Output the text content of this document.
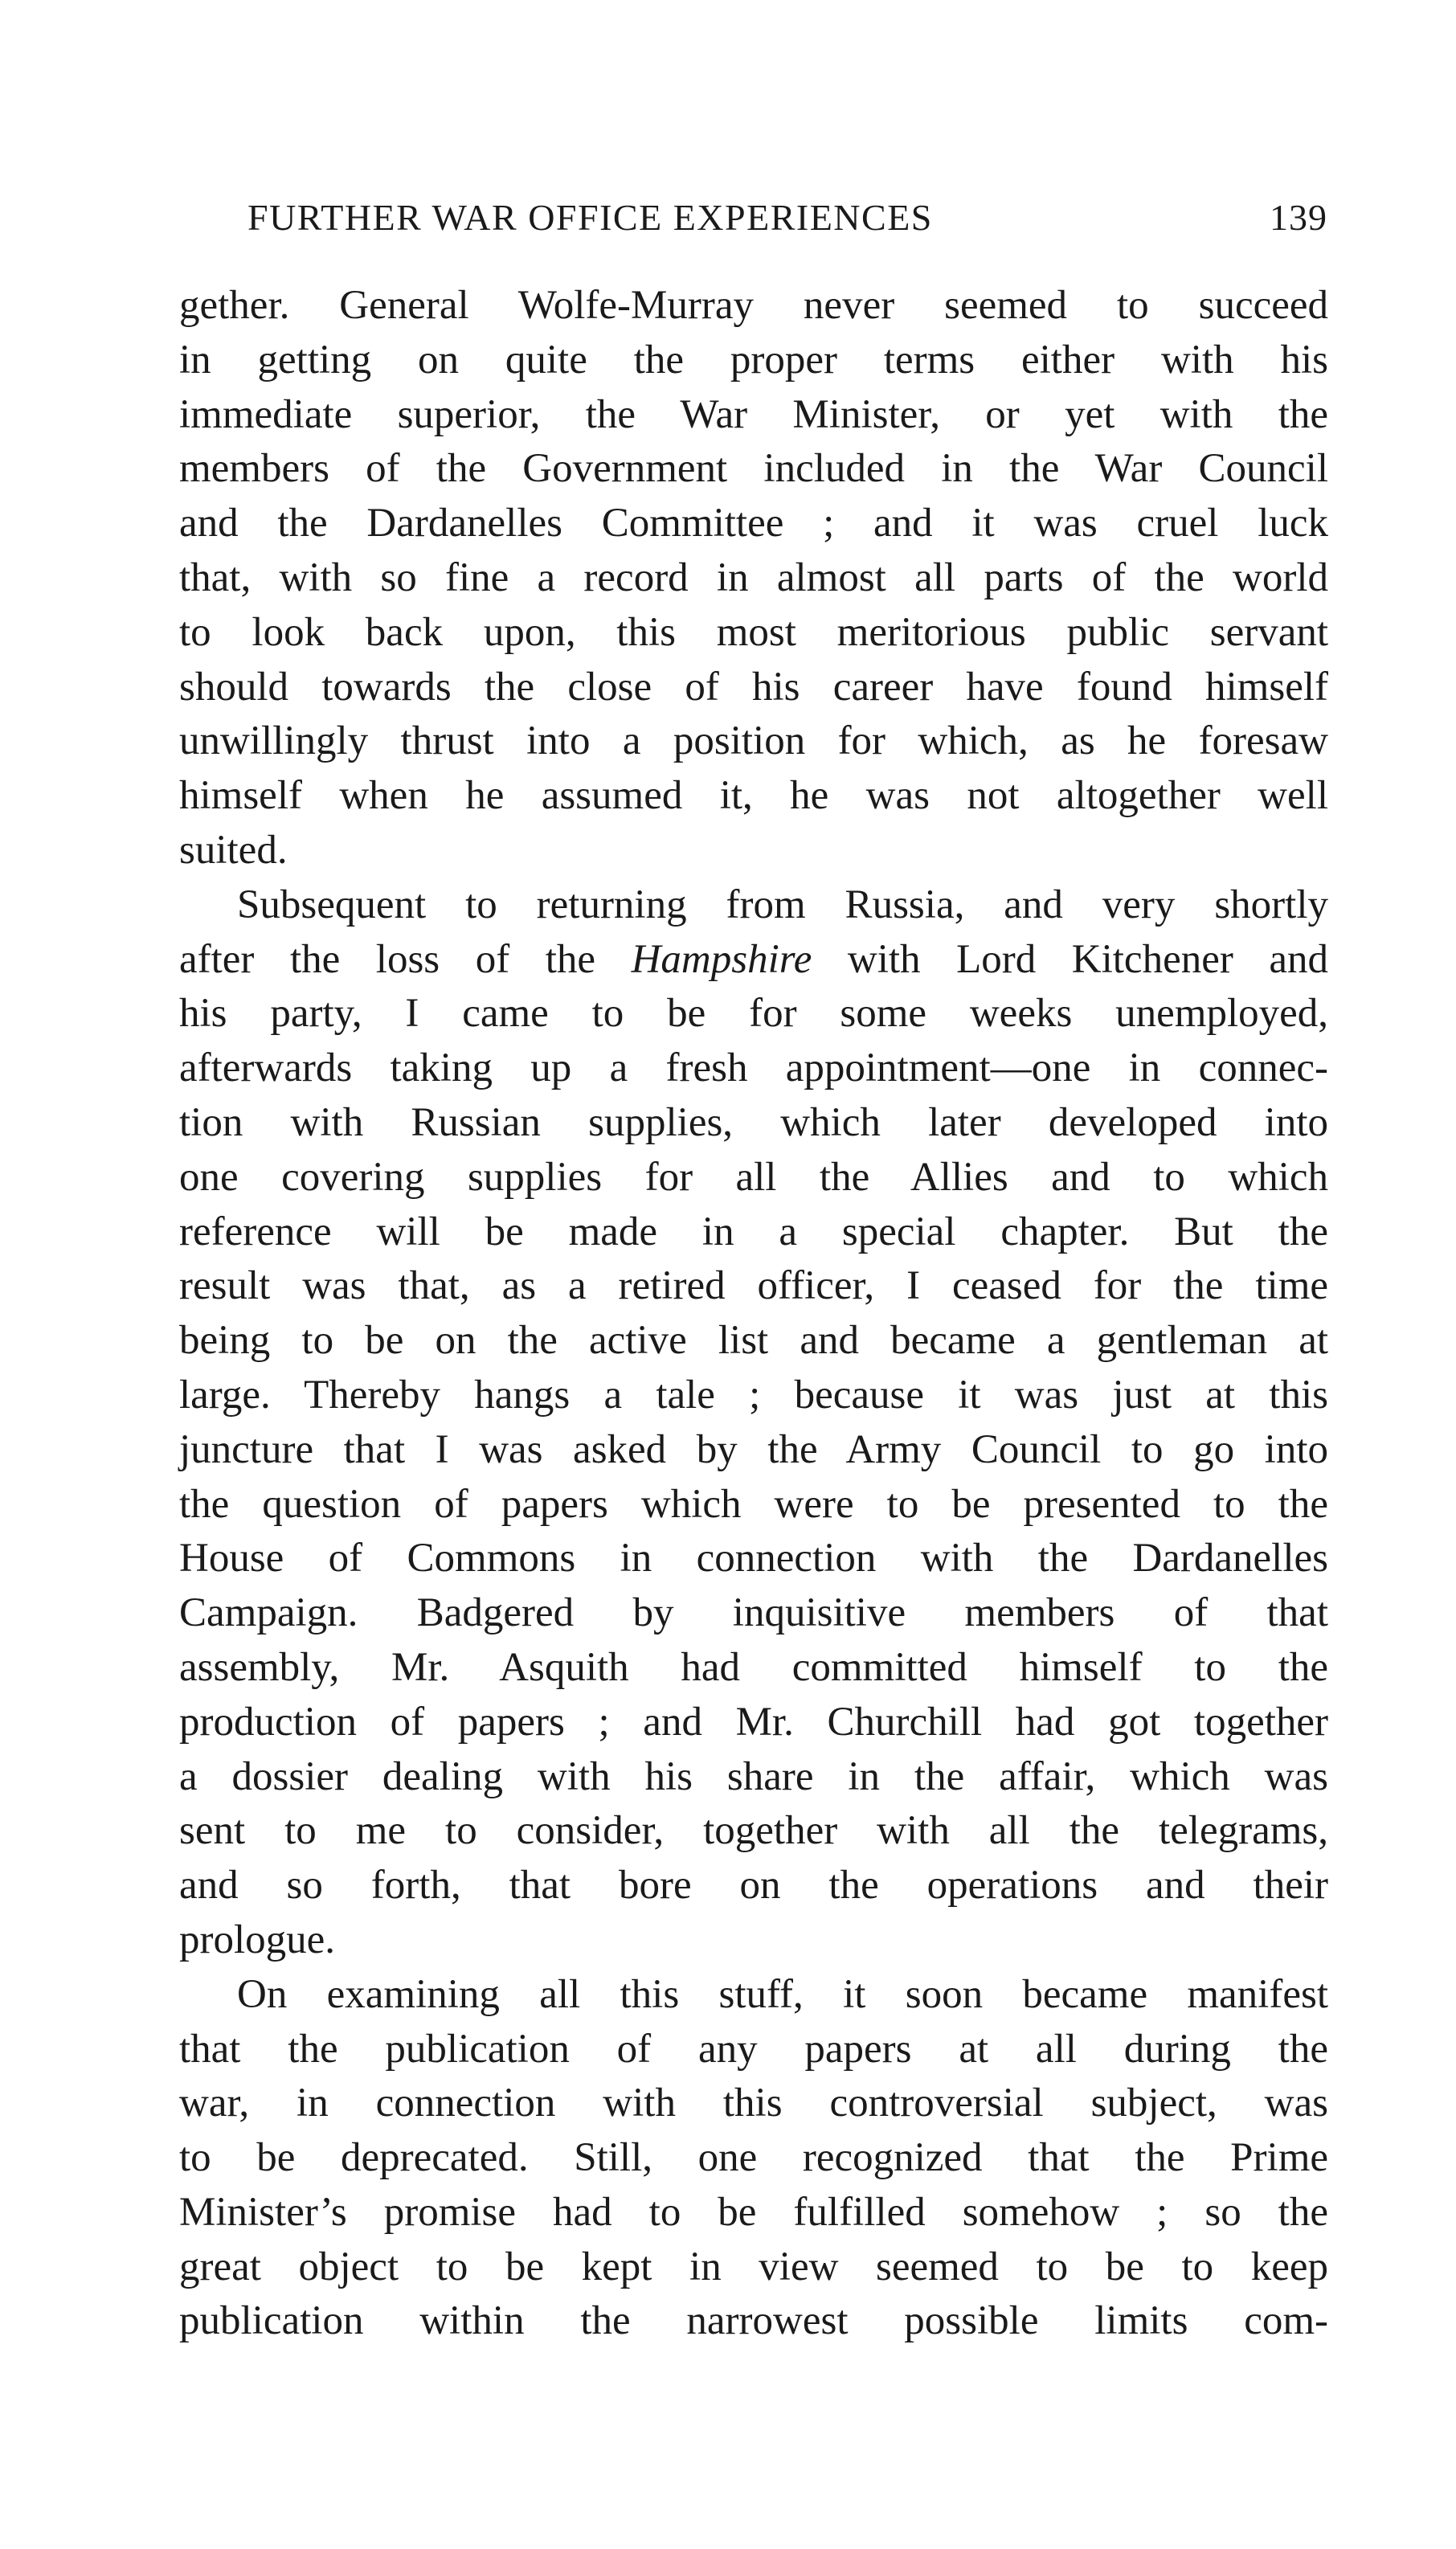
FURTHER WAR OFFICE EXPERIENCES	139
gether. General Wolfe-Murray never seemed to succeed
in getting on quite the proper terms either with his
immediate superior, the War Minister, or yet with the
members of the Government included in the War Council
and the Dardanelles Committee ; and it was cruel luck
that, with so fine a record in almost all parts of the world
to look back upon, this most meritorious public servant
should towards the close of his career have found himself
unwillingly thrust into a position for which, as he foresaw
himself when he assumed it, he was not altogether well
suited.
Subsequent to returning from Russia, and very shortly
after the loss of the Hampshire with Lord Kitchener and
his party, I came to be for some weeks unemployed,
afterwards taking up a fresh appointment—one in connec-
tion with Russian supplies, which later developed into
one covering supplies for all the Allies and to which
reference will be made in a special chapter. But the
result was that, as a retired officer, I ceased for the time
being to be on the active list and became a gentleman at
large. Thereby hangs a tale ; because it was just at this
juncture that I was asked by the Army Council to go into
the question of papers which were to be presented to the
House of Commons in connection with the Dardanelles
Campaign. Badgered by inquisitive members of that
assembly, Mr. Asquith had committed himself to the
production of papers ; and Mr. Churchill had got together
a dossier dealing with his share in the affair, which was
sent to me to consider, together with all the telegrams,
and so forth, that bore on the operations and their
prologue.
On examining all this stuff, it soon became manifest
that the publication of any papers at all during the
war, in connection with this controversial subject, was
to be deprecated. Still, one recognized that the Prime
Minister’s promise had to be fulfilled somehow ; so the
great object to be kept in view seemed to be to keep
publication within the narrowest possible limits com-
